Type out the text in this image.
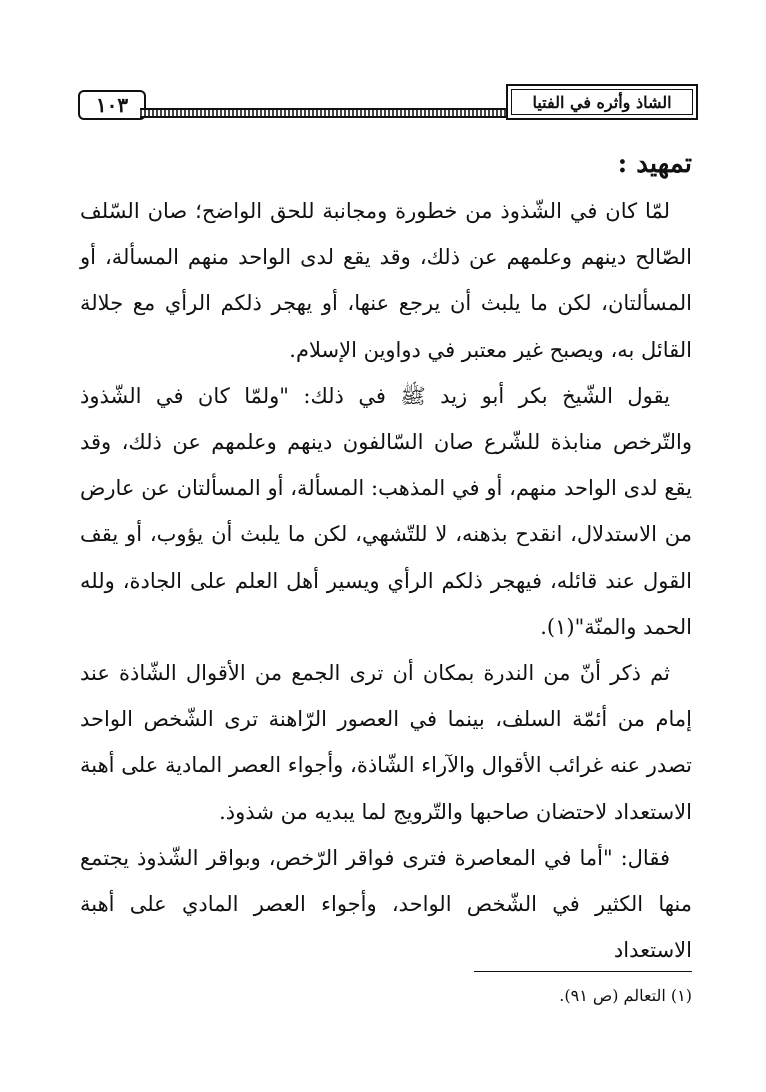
١٠٣	الشاذ وأثره في الفتيا
تمهيد :

لمّا كان في الشّذوذ من خطورة ومجانبة للحق الواضح؛ صان السّلف الصّالح دينهم وعلمهم عن ذلك، وقد يقع لدى الواحد منهم المسألة، أو المسألتان، لكن ما يلبث أن يرجع عنها، أو يهجر ذلكم الرأي مع جلالة القائل به، ويصبح غير معتبر في دواوين الإسلام.

يقول الشّيخ بكر أبو زيد ﷺ في ذلك: "ولمّا كان في الشّذوذ والتّرخص منابذة للشّرع صان السّالفون دينهم وعلمهم عن ذلك، وقد يقع لدى الواحد منهم، أو في المذهب: المسألة، أو المسألتان عن عارض من الاستدلال، انقدح بذهنه، لا للتّشهي، لكن ما يلبث أن يؤوب، أو يقف القول عند قائله، فيهجر ذلكم الرأي ويسير أهل العلم على الجادة، ولله الحمد والمنّة"(١).

ثم ذكر أنّ من الندرة بمكان أن ترى الجمع من الأقوال الشّاذة عند إمام من أئمّة السلف، بينما في العصور الرّاهنة ترى الشّخص الواحد تصدر عنه غرائب الأقوال والآراء الشّاذة، وأجواء العصر المادية على أهبة الاستعداد لاحتضان صاحبها والتّرويج لما يبديه من شذوذ.

فقال: "أما في المعاصرة فترى فواقر الرّخص، وبواقر الشّذوذ يجتمع منها الكثير في الشّخص الواحد، وأجواء العصر المادي على أهبة الاستعداد

(١) التعالم (ص ٩١).
